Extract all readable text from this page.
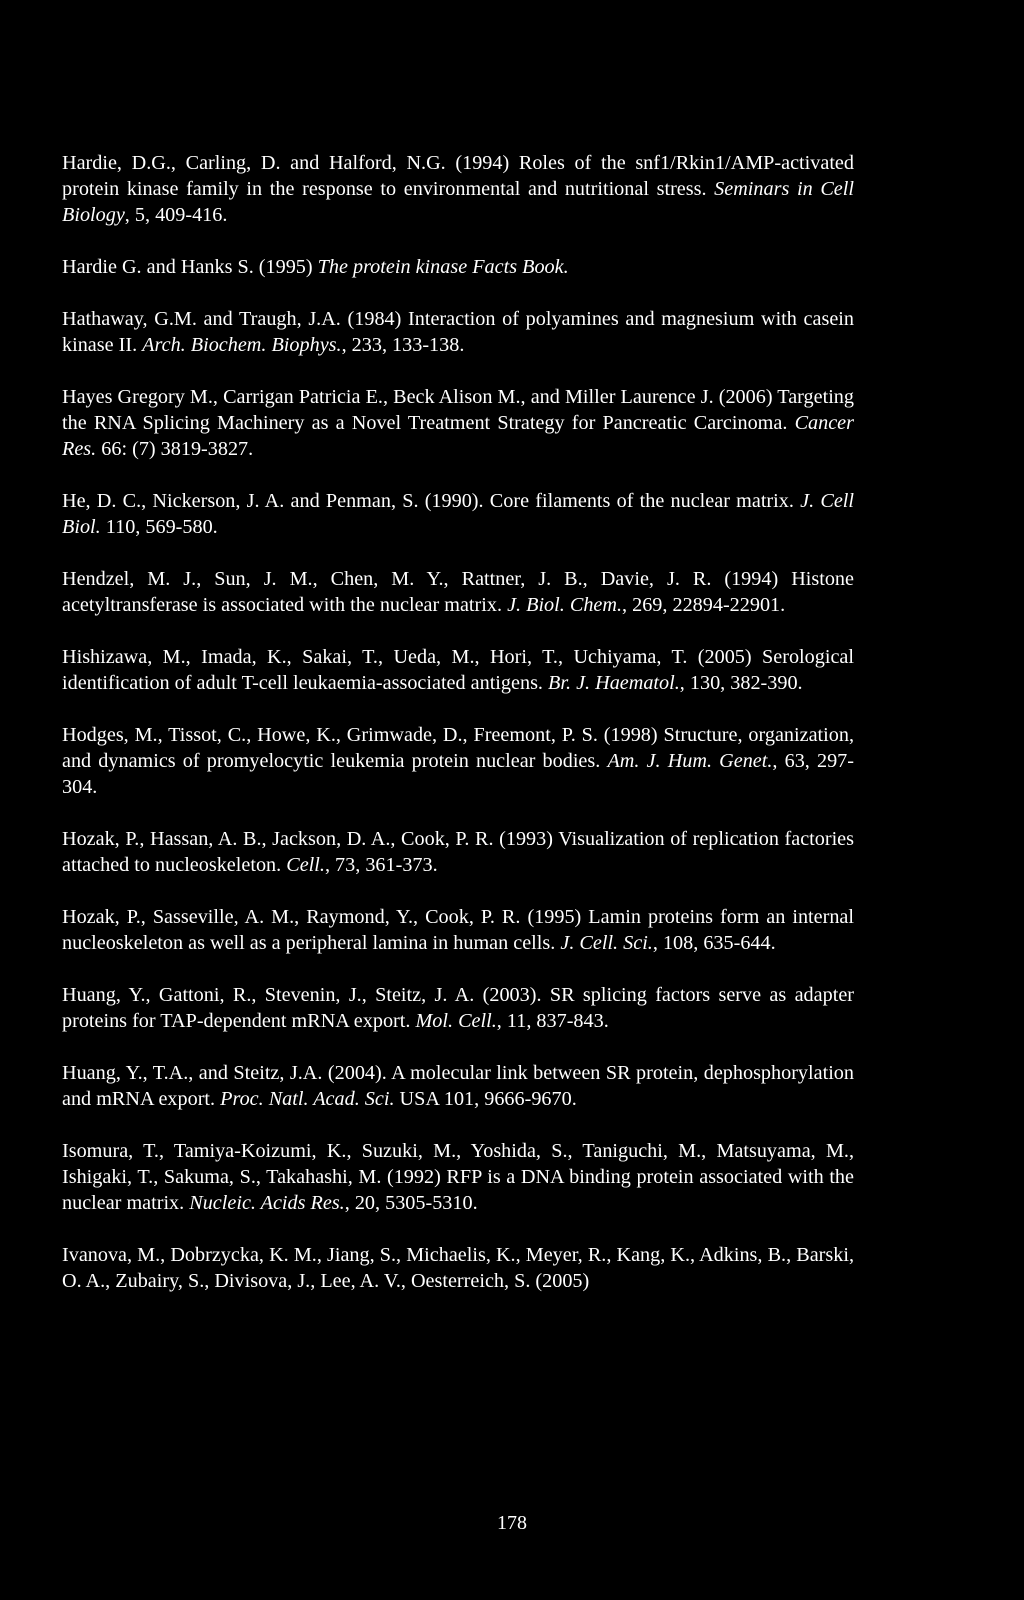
Hardie, D.G., Carling, D. and Halford, N.G. (1994) Roles of the snf1/Rkin1/AMP-activated protein kinase family in the response to environmental and nutritional stress. Seminars in Cell Biology, 5, 409-416.

Hardie G. and Hanks S. (1995) The protein kinase Facts Book.

Hathaway, G.M. and Traugh, J.A. (1984) Interaction of polyamines and magnesium with casein kinase II. Arch. Biochem. Biophys., 233, 133-138.

Hayes Gregory M., Carrigan Patricia E., Beck Alison M., and Miller Laurence J. (2006) Targeting the RNA Splicing Machinery as a Novel Treatment Strategy for Pancreatic Carcinoma. Cancer Res. 66: (7) 3819-3827.

He, D. C., Nickerson, J. A. and Penman, S. (1990). Core filaments of the nuclear matrix. J. Cell Biol. 110, 569-580.

Hendzel, M. J., Sun, J. M., Chen, M. Y., Rattner, J. B., Davie, J. R. (1994) Histone acetyltransferase is associated with the nuclear matrix. J. Biol. Chem., 269, 22894-22901.

Hishizawa, M., Imada, K., Sakai, T., Ueda, M., Hori, T., Uchiyama, T. (2005) Serological identification of adult T-cell leukaemia-associated antigens. Br. J. Haematol., 130, 382-390.

Hodges, M., Tissot, C., Howe, K., Grimwade, D., Freemont, P. S. (1998) Structure, organization, and dynamics of promyelocytic leukemia protein nuclear bodies. Am. J. Hum. Genet., 63, 297-304.

Hozak, P., Hassan, A. B., Jackson, D. A., Cook, P. R. (1993) Visualization of replication factories attached to nucleoskeleton. Cell., 73, 361-373.

Hozak, P., Sasseville, A. M., Raymond, Y., Cook, P. R. (1995) Lamin proteins form an internal nucleoskeleton as well as a peripheral lamina in human cells. J. Cell. Sci., 108, 635-644.

Huang, Y., Gattoni, R., Stevenin, J., Steitz, J. A. (2003). SR splicing factors serve as adapter proteins for TAP-dependent mRNA export. Mol. Cell., 11, 837-843.

Huang, Y., T.A., and Steitz, J.A. (2004). A molecular link between SR protein, dephosphorylation and mRNA export. Proc. Natl. Acad. Sci. USA 101, 9666-9670.

Isomura, T., Tamiya-Koizumi, K., Suzuki, M., Yoshida, S., Taniguchi, M., Matsuyama, M., Ishigaki, T., Sakuma, S., Takahashi, M. (1992) RFP is a DNA binding protein associated with the nuclear matrix. Nucleic. Acids Res., 20, 5305-5310.

Ivanova, M., Dobrzycka, K. M., Jiang, S., Michaelis, K., Meyer, R., Kang, K., Adkins, B., Barski, O. A., Zubairy, S., Divisova, J., Lee, A. V., Oesterreich, S. (2005)

178
